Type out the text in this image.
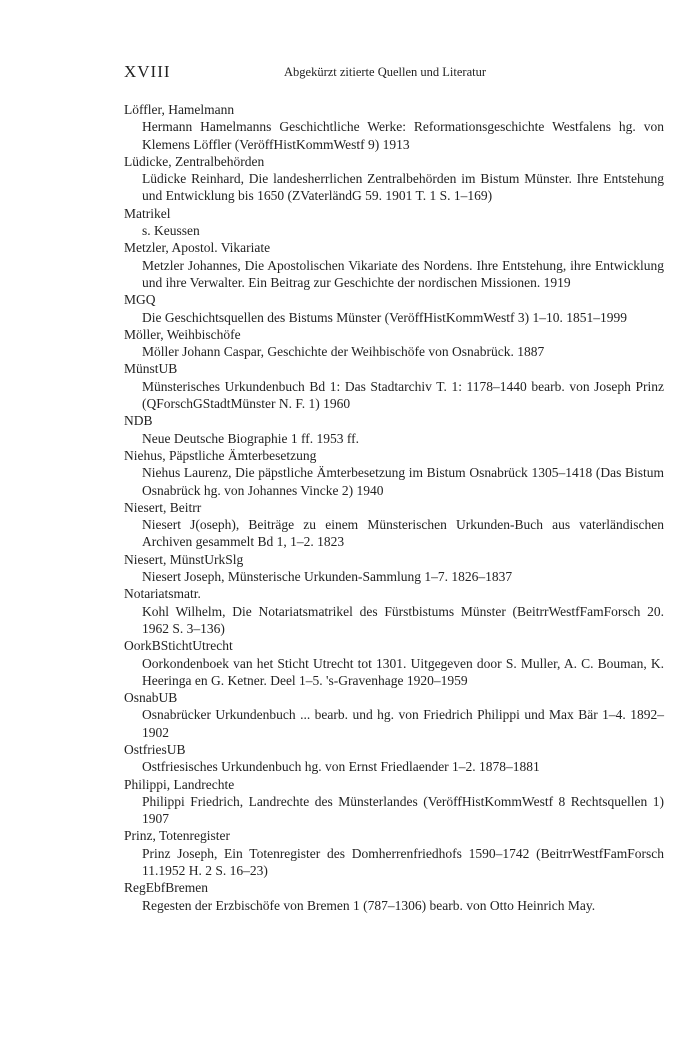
XVIII	Abgekürzt zitierte Quellen und Literatur

Löffler, Hamelmann

Hermann Hamelmanns Geschichtliche Werke: Reformationsgeschichte Westfalens hg. von Klemens Löffler (VeröffHistKommWestf 9) 1913

Lüdicke, Zentralbehörden

Lüdicke Reinhard, Die landesherrlichen Zentralbehörden im Bistum Münster. Ihre Entstehung und Entwicklung bis 1650 (ZVaterländG 59. 1901 T. 1 S. 1–169)

Matrikel

s. Keussen

Metzler, Apostol. Vikariate

Metzler Johannes, Die Apostolischen Vikariate des Nordens. Ihre Entstehung, ihre Entwicklung und ihre Verwalter. Ein Beitrag zur Geschichte der nordischen Missionen. 1919

MGQ

Die Geschichtsquellen des Bistums Münster (VeröffHistKommWestf 3) 1–10. 1851–1999

Möller, Weihbischöfe

Möller Johann Caspar, Geschichte der Weihbischöfe von Osnabrück. 1887

MünstUB

Münsterisches Urkundenbuch Bd 1: Das Stadtarchiv T. 1: 1178–1440 bearb. von Joseph Prinz (QForschGStadtMünster N. F. 1) 1960

NDB

Neue Deutsche Biographie 1 ff. 1953 ff.

Niehus, Päpstliche Ämterbesetzung

Niehus Laurenz, Die päpstliche Ämterbesetzung im Bistum Osnabrück 1305–1418 (Das Bistum Osnabrück hg. von Johannes Vincke 2) 1940

Niesert, Beitrr

Niesert J(oseph), Beiträge zu einem Münsterischen Urkunden-Buch aus vaterländischen Archiven gesammelt Bd 1, 1–2. 1823

Niesert, MünstUrkSlg

Niesert Joseph, Münsterische Urkunden-Sammlung 1–7. 1826–1837

Notariatsmatr.

Kohl Wilhelm, Die Notariatsmatrikel des Fürstbistums Münster (BeitrrWestfFamForsch 20. 1962 S. 3–136)

OorkBStichtUtrecht

Oorkondenboek van het Sticht Utrecht tot 1301. Uitgegeven door S. Muller, A. C. Bouman, K. Heeringa en G. Ketner. Deel 1–5. 's-Gravenhage 1920–1959

OsnabUB

Osnabrücker Urkundenbuch ... bearb. und hg. von Friedrich Philippi und Max Bär 1–4. 1892–1902

OstfriesUB

Ostfriesisches Urkundenbuch hg. von Ernst Friedlaender 1–2. 1878–1881

Philippi, Landrechte

Philippi Friedrich, Landrechte des Münsterlandes (VeröffHistKommWestf 8 Rechtsquellen 1) 1907

Prinz, Totenregister

Prinz Joseph, Ein Totenregister des Domherrenfriedhofs 1590–1742 (BeitrrWestfFamForsch 11.1952 H. 2 S. 16–23)

RegEbfBremen

Regesten der Erzbischöfe von Bremen 1 (787–1306) bearb. von Otto Heinrich May.
